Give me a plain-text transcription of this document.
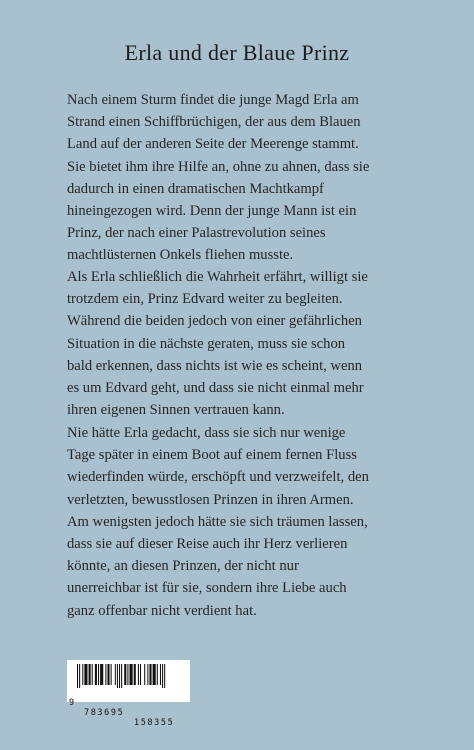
Erla und der Blaue Prinz
Nach einem Sturm findet die junge Magd Erla am
Strand einen Schiffbrüchigen, der aus dem Blauen
Land auf der anderen Seite der Meerenge stammt.
Sie bietet ihm ihre Hilfe an, ohne zu ahnen, dass sie
dadurch in einen dramatischen Machtkampf
hineingezogen wird. Denn der junge Mann ist ein
Prinz, der nach einer Palastrevolution seines
machtlüsternen Onkels fliehen musste.
Als Erla schließlich die Wahrheit erfährt, willigt sie
trotzdem ein, Prinz Edvard weiter zu begleiten.
Während die beiden jedoch von einer gefährlichen
Situation in die nächste geraten, muss sie schon
bald erkennen, dass nichts ist wie es scheint, wenn
es um Edvard geht, und dass sie nicht einmal mehr
ihren eigenen Sinnen vertrauen kann.
Nie hätte Erla gedacht, dass sie sich nur wenige
Tage später in einem Boot auf einem fernen Fluss
wiederfinden würde, erschöpft und verzweifelt, den
verletzten, bewusstlosen Prinzen in ihren Armen.
Am wenigsten jedoch hätte sie sich träumen lassen,
dass sie auf dieser Reise auch ihr Herz verlieren
könnte, an diesen Prinzen, der nicht nur
unerreichbar ist für sie, sondern ihre Liebe auch
ganz offenbar nicht verdient hat.

9

783695

158355
